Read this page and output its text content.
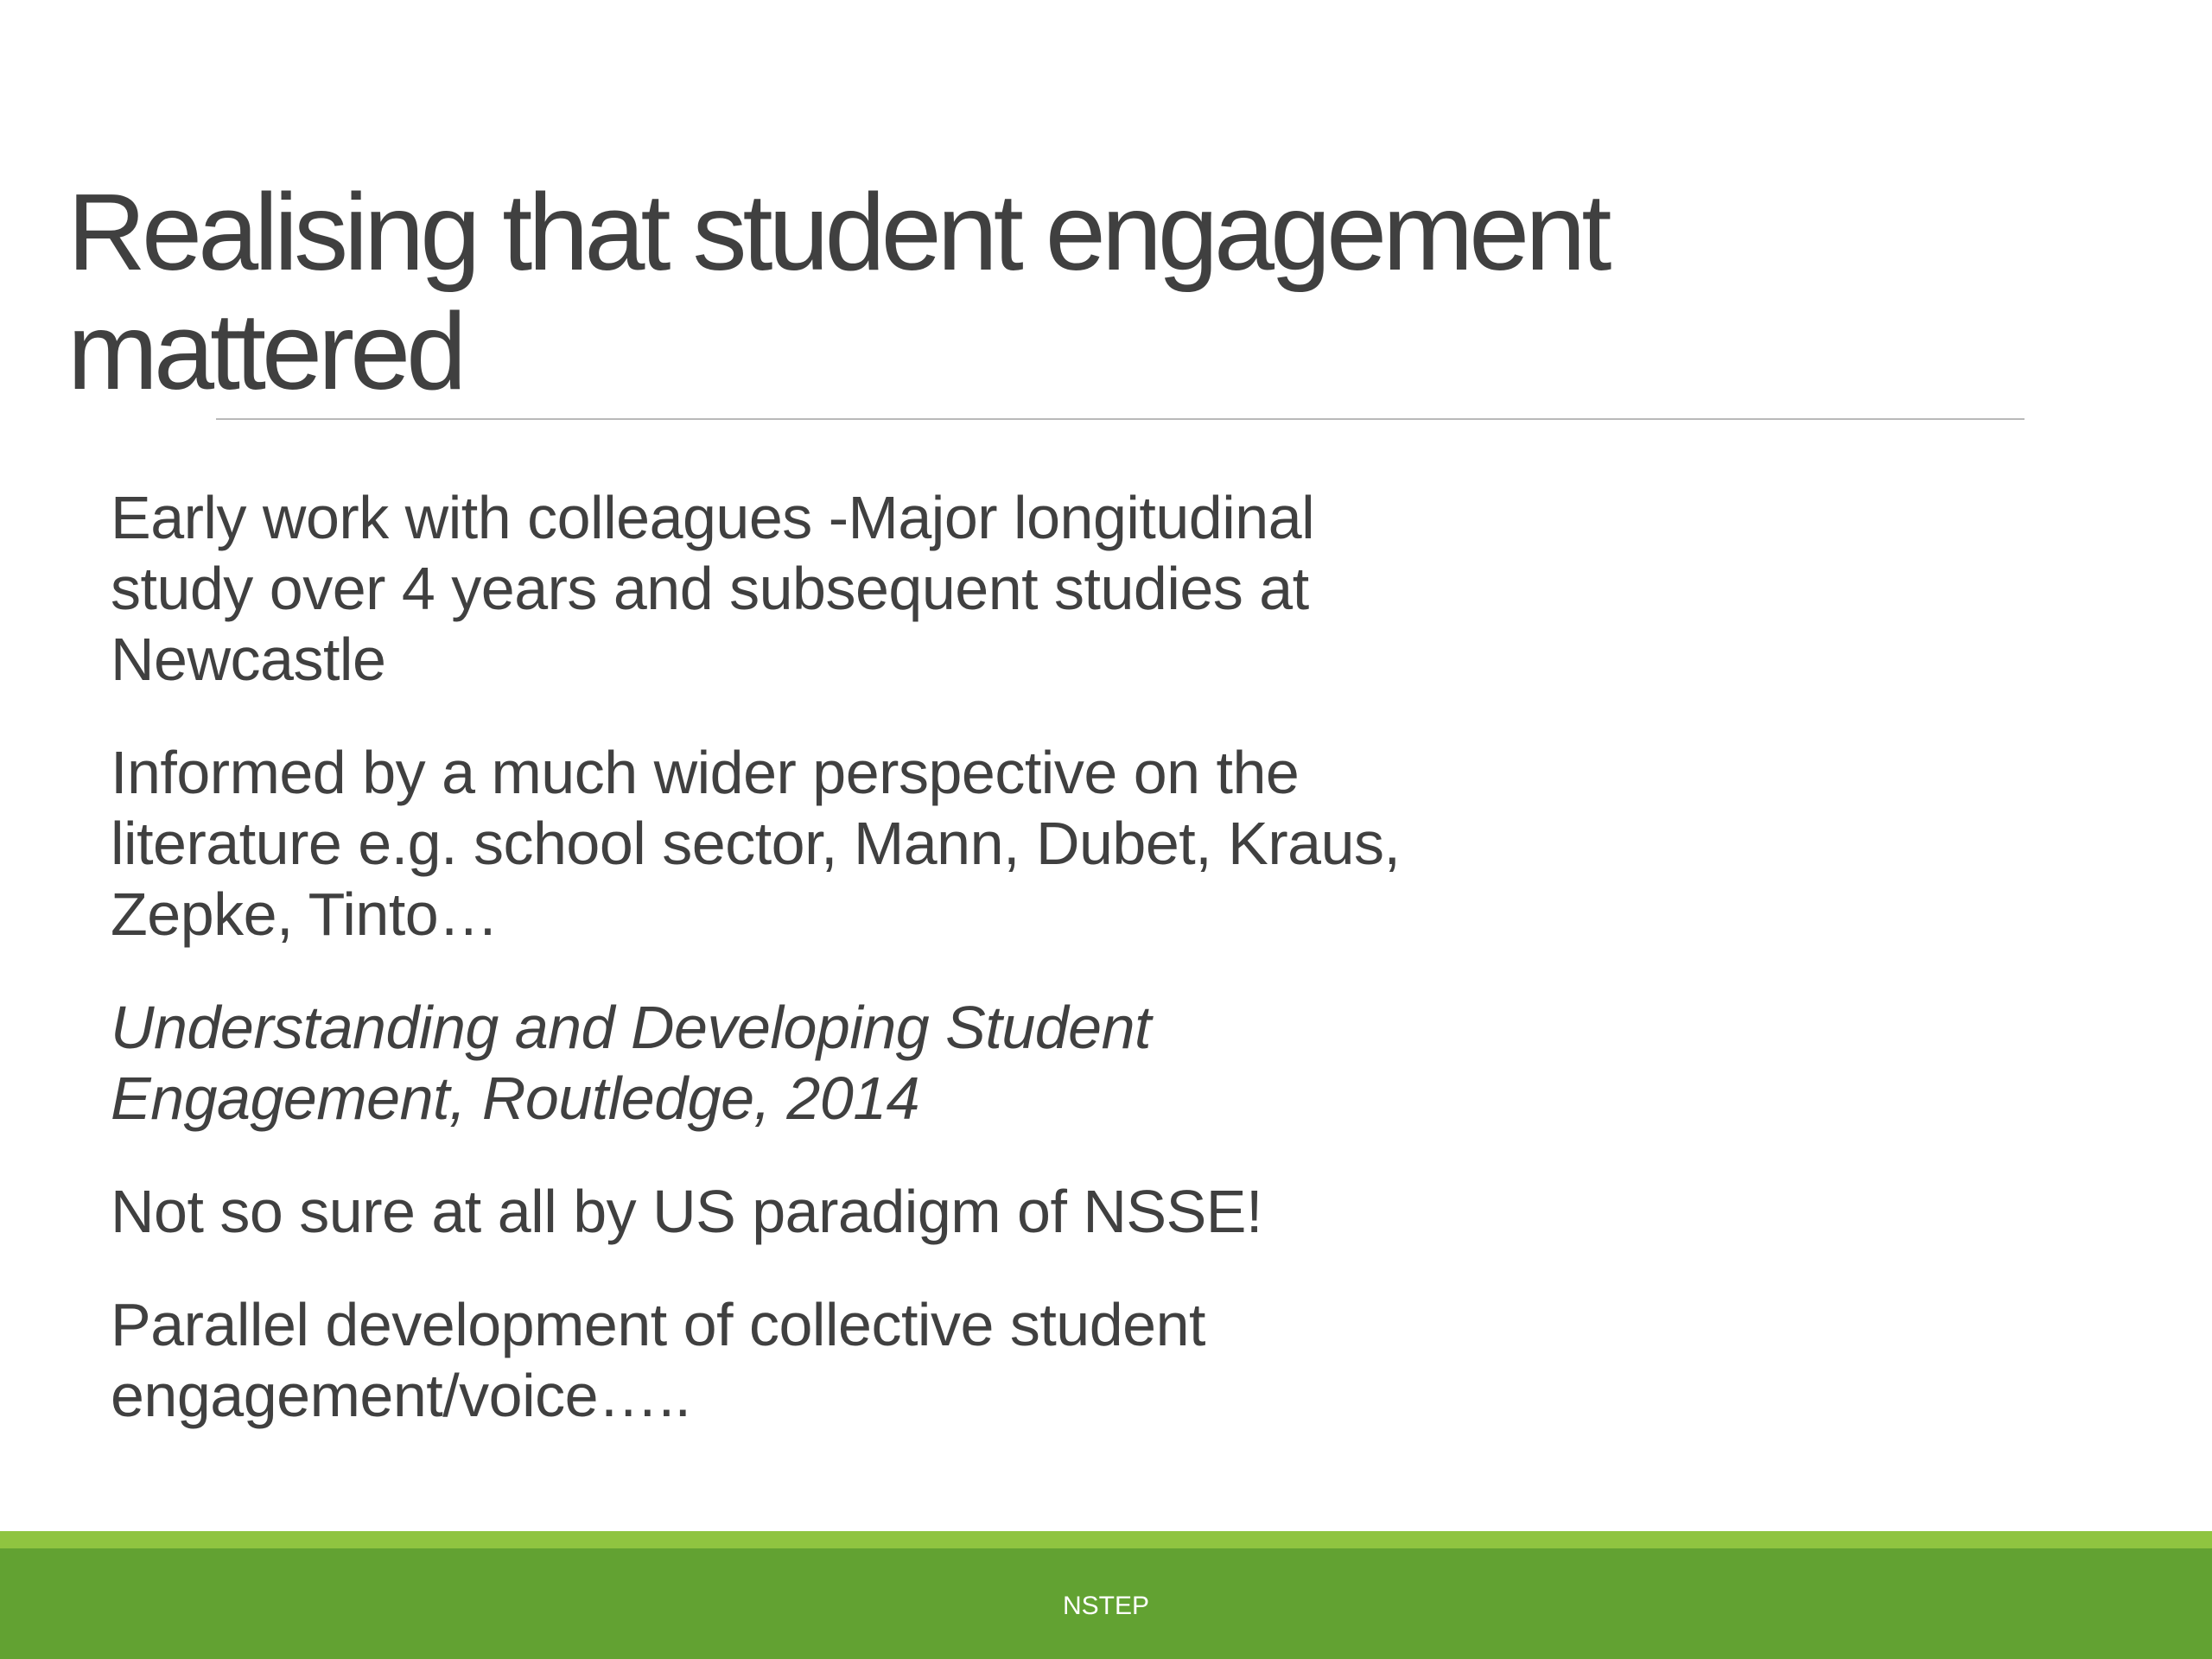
Realising that student engagement
mattered
Early work with colleagues -Major longitudinal
study over 4 years and subsequent studies at
Newcastle
Informed by a much wider perspective on the
literature e.g. school sector, Mann, Dubet, Kraus,
Zepke, Tinto…
Understanding and Developing Student
Engagement, Routledge, 2014
Not so sure at all by US paradigm of NSSE!
Parallel development of collective student
engagement/voice…..
NSTEP
